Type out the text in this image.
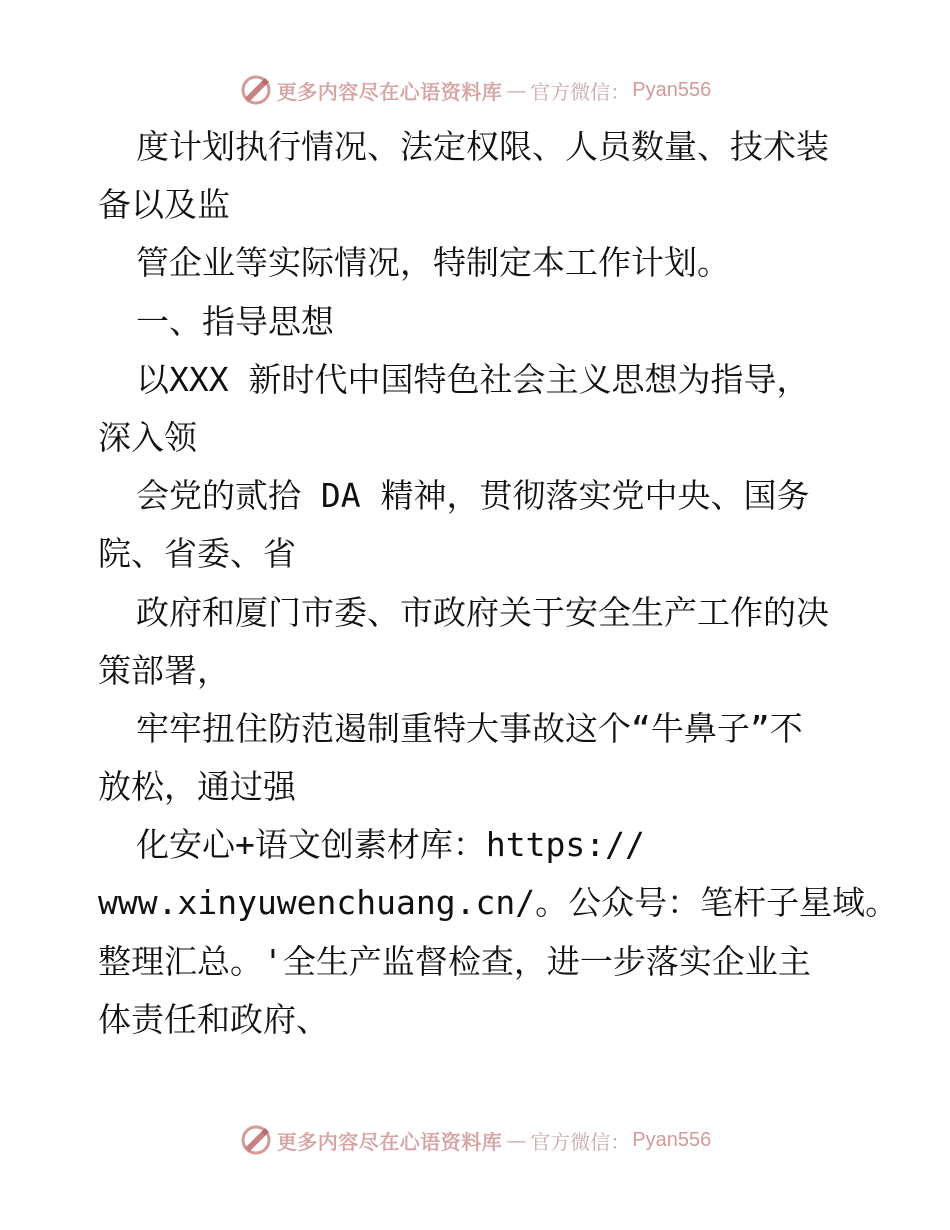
更多内容尽在心语资料库 — 官方微信： Pyan556
度计划执行情况、法定权限、人员数量、技术装
备以及监
管企业等实际情况，特制定本工作计划。
一、指导思想
以XXX 新时代中国特色社会主义思想为指导，
深入领
会党的贰拾 DA 精神，贯彻落实党中央、国务
院、省委、省
政府和厦门市委、市政府关于安全生产工作的决
策部署，
牢牢扭住防范遏制重特大事故这个“牛鼻子”不
放松，通过强
化安心+语文创素材库：https://
www.xinyuwenchuang.cn/。公众号：笔杆子星域。
整理汇总。'全生产监督检查，进一步落实企业主
体责任和政府、
更多内容尽在心语资料库 — 官方微信： Pyan556
